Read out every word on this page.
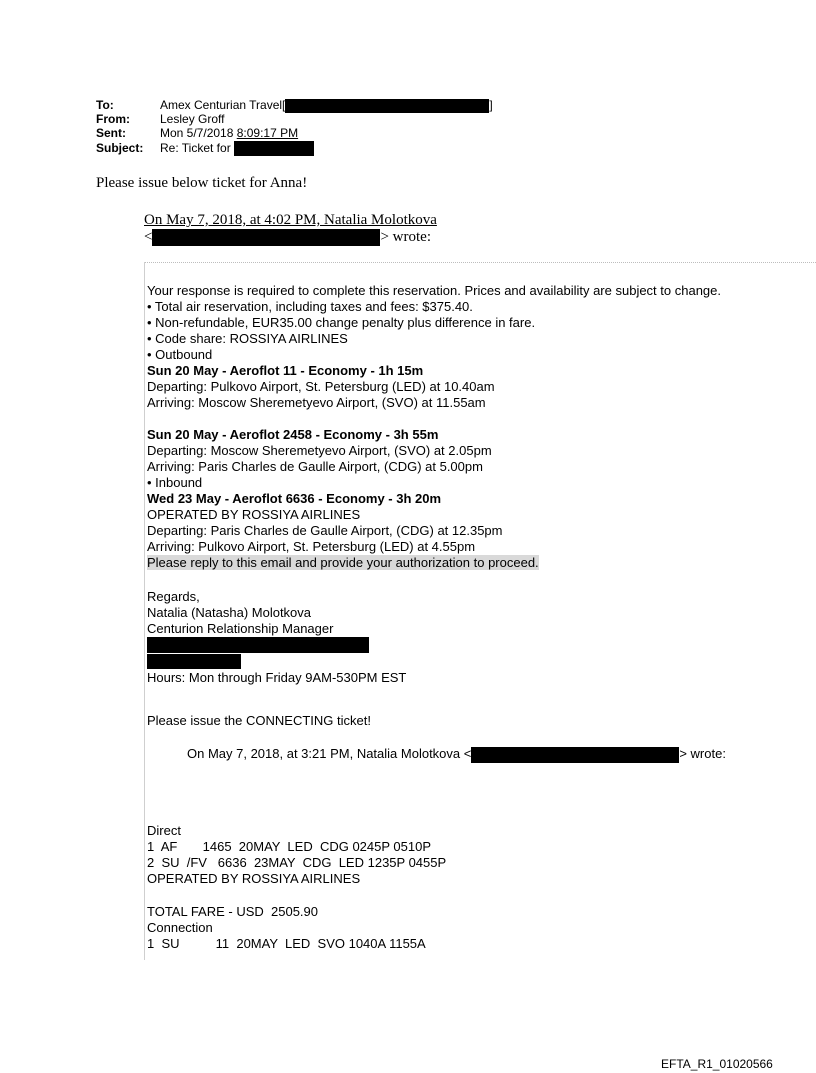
To:	Amex Centurian Travel[	]
From:	Lesley Groff
Sent:	Mon 5/7/2018 8:09:17 PM
Subject: Re: Ticket for
Please issue below ticket for Anna!
On May 7, 2018, at 4:02 PM, Natalia Molotkova
<	> wrote:
Your response is required to complete this reservation. Prices and availability are subject to change.
• Total air reservation, including taxes and fees: $375.40.
• Non-refundable, EUR35.00 change penalty plus difference in fare.
• Code share: ROSSIYA AIRLINES
• Outbound
Sun 20 May - Aeroflot 11 - Economy - 1h 15m
Departing: Pulkovo Airport, St. Petersburg (LED) at 10.40am
Arriving: Moscow Sheremetyevo Airport, (SVO) at 11.55am
Sun 20 May - Aeroflot 2458 - Economy - 3h 55m
Departing: Moscow Sheremetyevo Airport, (SVO) at 2.05pm
Arriving: Paris Charles de Gaulle Airport, (CDG) at 5.00pm
• Inbound
Wed 23 May - Aeroflot 6636 - Economy - 3h 20m
OPERATED BY ROSSIYA AIRLINES
Departing: Paris Charles de Gaulle Airport, (CDG) at 12.35pm
Arriving: Pulkovo Airport, St. Petersburg (LED) at 4.55pm
Please reply to this email and provide your authorization to proceed.
Regards,
Natalia (Natasha) Molotkova
Centurion Relationship Manager
Hours: Mon through Friday 9AM-530PM EST
Please issue the CONNECTING ticket!
On May 7, 2018, at 3:21 PM, Natalia Molotkova <	> wrote:
Direct
1  AF       1465  20MAY  LED  CDG 0245P 0510P
2  SU  /FV   6636  23MAY  CDG  LED 1235P 0455P
OPERATED BY ROSSIYA AIRLINES
TOTAL FARE - USD  2505.90
Connection
1  SU          11  20MAY  LED  SVO 1040A 1155A
EFTA_R1_01020566
